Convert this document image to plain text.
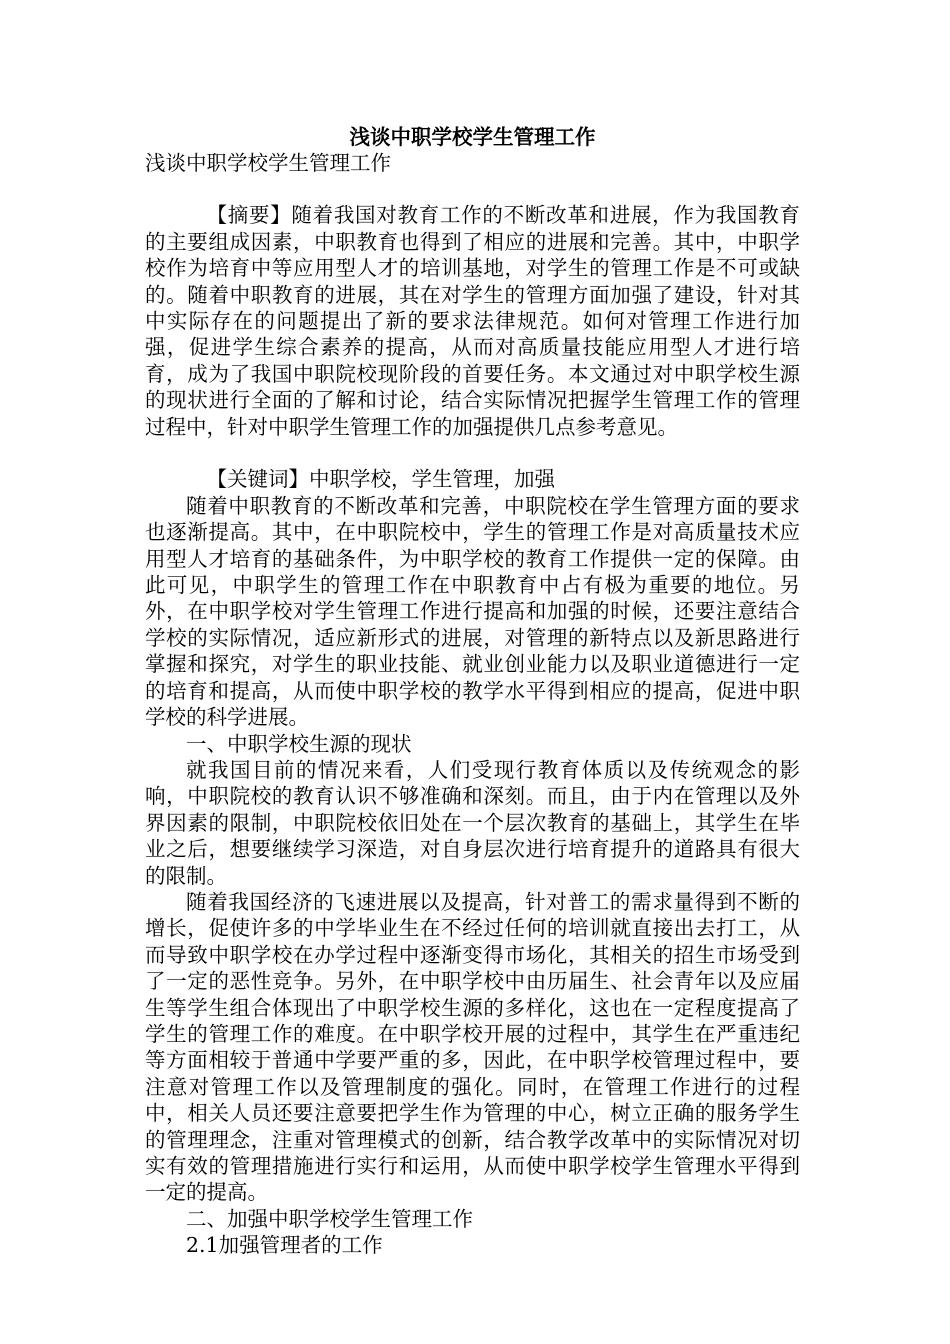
浅谈中职学校学生管理工作
浅谈中职学校学生管理工作

【摘要】随着我国对教育工作的不断改革和进展，作为我国教育的主要组成因素，中职教育也得到了相应的进展和完善。其中，中职学校作为培育中等应用型人才的培训基地，对学生的管理工作是不可或缺的。随着中职教育的进展，其在对学生的管理方面加强了建设，针对其中实际存在的问题提出了新的要求法律规范。如何对管理工作进行加强，促进学生综合素养的提高，从而对高质量技能应用型人才进行培育，成为了我国中职院校现阶段的首要任务。本文通过对中职学校生源的现状进行全面的了解和讨论，结合实际情况把握学生管理工作的管理过程中，针对中职学生管理工作的加强提供几点参考意见。

【关键词】中职学校，学生管理，加强

随着中职教育的不断改革和完善，中职院校在学生管理方面的要求也逐渐提高。其中，在中职院校中，学生的管理工作是对高质量技术应用型人才培育的基础条件，为中职学校的教育工作提供一定的保障。由此可见，中职学生的管理工作在中职教育中占有极为重要的地位。另外，在中职学校对学生管理工作进行提高和加强的时候，还要注意结合学校的实际情况，适应新形式的进展，对管理的新特点以及新思路进行掌握和探究，对学生的职业技能、就业创业能力以及职业道德进行一定的培育和提高，从而使中职学校的教学水平得到相应的提高，促进中职学校的科学进展。

一、中职学校生源的现状

就我国目前的情况来看，人们受现行教育体质以及传统观念的影响，中职院校的教育认识不够准确和深刻。而且，由于内在管理以及外界因素的限制，中职院校依旧处在一个层次教育的基础上，其学生在毕业之后，想要继续学习深造，对自身层次进行培育提升的道路具有很大的限制。

随着我国经济的飞速进展以及提高，针对普工的需求量得到不断的增长，促使许多的中学毕业生在不经过任何的培训就直接出去打工，从而导致中职学校在办学过程中逐渐变得市场化，其相关的招生市场受到了一定的恶性竞争。另外，在中职学校中由历届生、社会青年以及应届生等学生组合体现出了中职学校生源的多样化，这也在一定程度提高了学生的管理工作的难度。在中职学校开展的过程中，其学生在严重违纪等方面相较于普通中学要严重的多，因此，在中职学校管理过程中，要注意对管理工作以及管理制度的强化。同时，在管理工作进行的过程中，相关人员还要注意要把学生作为管理的中心，树立正确的服务学生的管理理念，注重对管理模式的创新，结合教学改革中的实际情况对切实有效的管理措施进行实行和运用，从而使中职学校学生管理水平得到一定的提高。

二、加强中职学校学生管理工作

2.1加强管理者的工作
